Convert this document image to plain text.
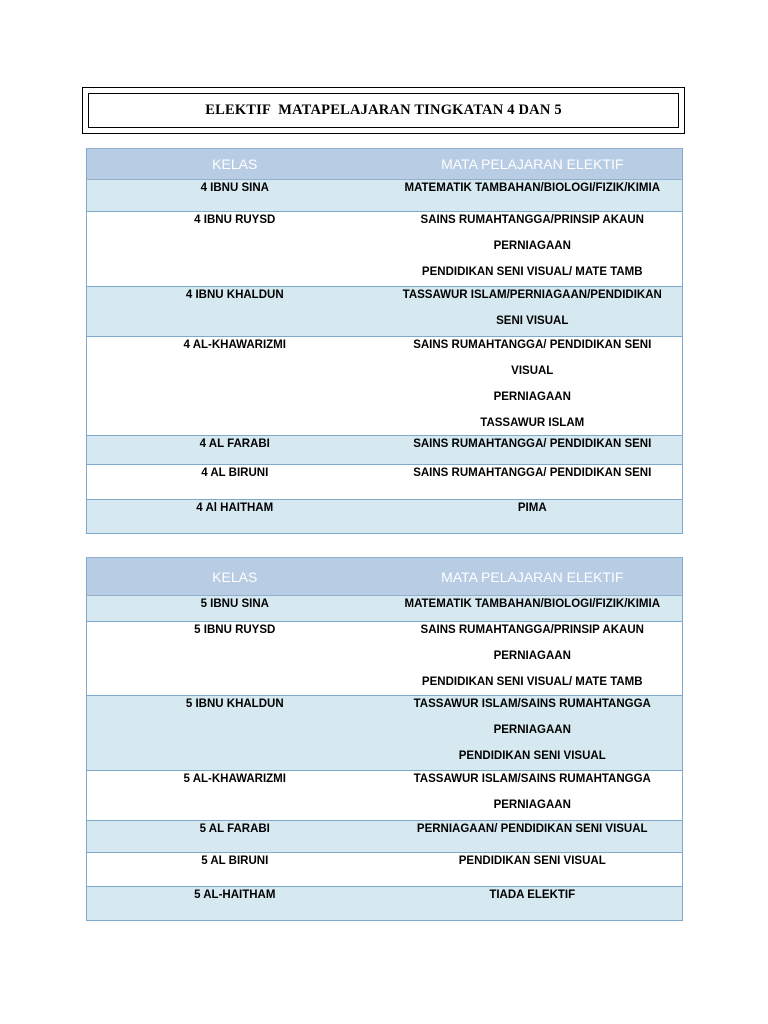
ELEKTIF  MATAPELAJARAN TINGKATAN 4 DAN 5
KELAS	MATA PELAJARAN ELEKTIF

4 IBNU SINA	MATEMATIK TAMBAHAN/BIOLOGI/FIZIK/KIMIA

4 IBNU RUYSD	SAINS RUMAHTANGGA/PRINSIP AKAUN
PERNIAGAAN
PENDIDIKAN SENI VISUAL/ MATE TAMB

4 IBNU KHALDUN	TASSAWUR ISLAM/PERNIAGAAN/PENDIDIKAN
SENI VISUAL

4 AL-KHAWARIZMI	SAINS RUMAHTANGGA/ PENDIDIKAN SENI
VISUAL
PERNIAGAAN
TASSAWUR ISLAM

4 AL FARABI	SAINS RUMAHTANGGA/ PENDIDIKAN SENI

4 AL BIRUNI	SAINS RUMAHTANGGA/ PENDIDIKAN SENI

4 Al HAITHAM	PIMA
KELAS	MATA PELAJARAN ELEKTIF

5 IBNU SINA	MATEMATIK TAMBAHAN/BIOLOGI/FIZIK/KIMIA

5 IBNU RUYSD	SAINS RUMAHTANGGA/PRINSIP AKAUN
PERNIAGAAN
PENDIDIKAN SENI VISUAL/ MATE TAMB

5 IBNU KHALDUN	TASSAWUR ISLAM/SAINS RUMAHTANGGA
PERNIAGAAN
PENDIDIKAN SENI VISUAL

5 AL-KHAWARIZMI	TASSAWUR ISLAM/SAINS RUMAHTANGGA
PERNIAGAAN

5 AL FARABI	PERNIAGAAN/ PENDIDIKAN SENI VISUAL

5 AL BIRUNI	PENDIDIKAN SENI VISUAL

5 AL-HAITHAM	TIADA ELEKTIF
